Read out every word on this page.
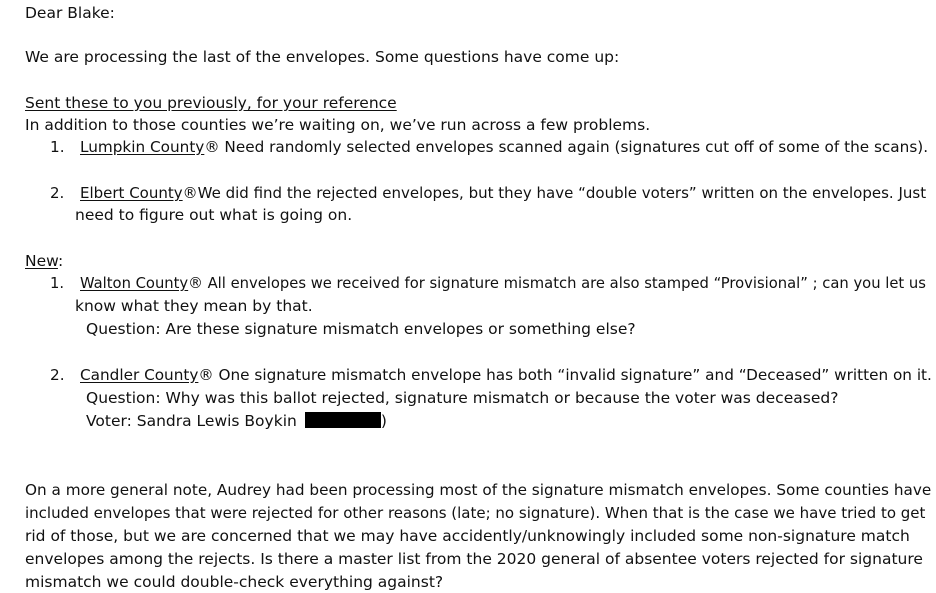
Dear Blake:
We are processing the last of the envelopes. Some questions have come up:
Sent these to you previously, for your reference
In addition to those counties we’re waiting on, we’ve run across a few problems.
1. Lumpkin County® Need randomly selected envelopes scanned again (signatures cut off of some of the scans).
2. Elbert County®We did find the rejected envelopes, but they have “double voters” written on the envelopes. Just
need to figure out what is going on.
New:
1. Walton County® All envelopes we received for signature mismatch are also stamped “Provisional” ; can you let us
know what they mean by that.
Question: Are these signature mismatch envelopes or something else?
2. Candler County® One signature mismatch envelope has both “invalid signature” and “Deceased” written on it.
Question: Why was this ballot rejected, signature mismatch or because the voter was deceased?
Voter: Sandra Lewis Boykin	)
On a more general note, Audrey had been processing most of the signature mismatch envelopes. Some counties have
included envelopes that were rejected for other reasons (late; no signature). When that is the case we have tried to get
rid of those, but we are concerned that we may have accidently/unknowingly included some non-signature match
envelopes among the rejects. Is there a master list from the 2020 general of absentee voters rejected for signature
mismatch we could double-check everything against?
